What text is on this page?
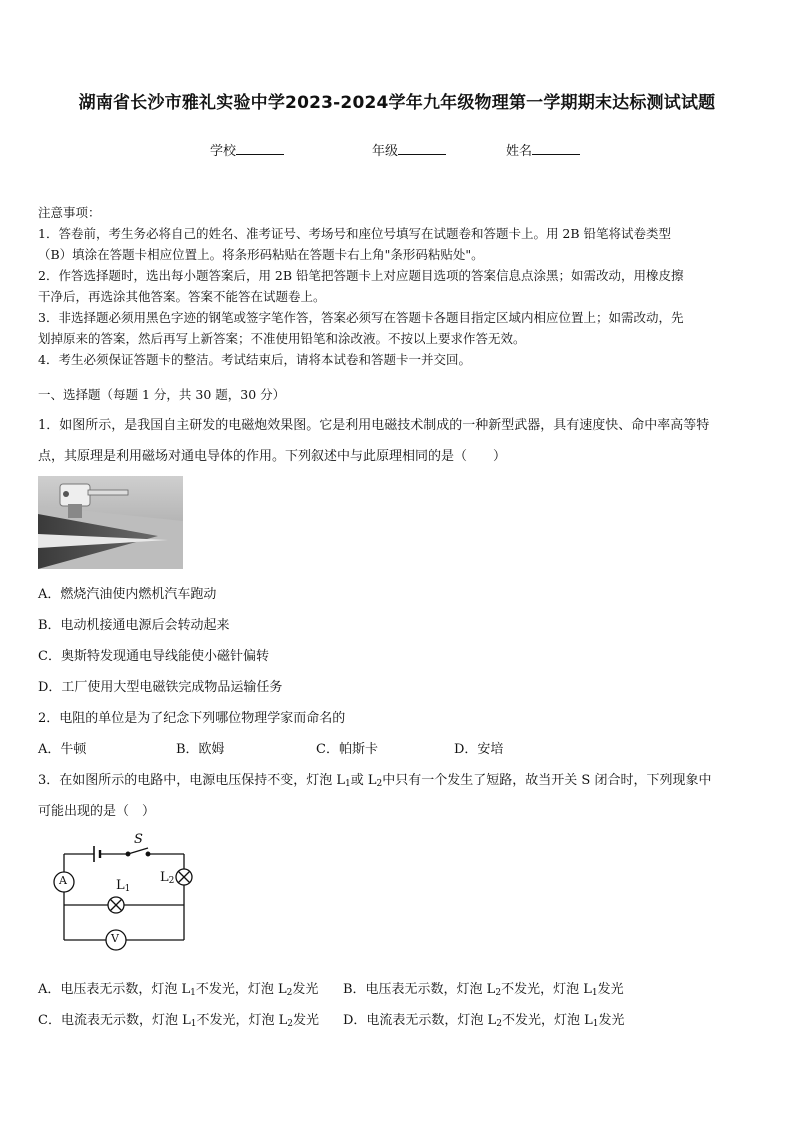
湖南省长沙市雅礼实验中学2023-2024学年九年级物理第一学期期末达标测试试题
学校	年级	姓名

注意事项：

1．答卷前，考生务必将自己的姓名、准考证号、考场号和座位号填写在试题卷和答题卡上。用 2B 铅笔将试卷类型

（B）填涂在答题卡相应位置上。将条形码粘贴在答题卡右上角"条形码粘贴处"。

2．作答选择题时，选出每小题答案后，用 2B 铅笔把答题卡上对应题目选项的答案信息点涂黑；如需改动，用橡皮擦

干净后，再选涂其他答案。答案不能答在试题卷上。

3．非选择题必须用黑色字迹的钢笔或签字笔作答，答案必须写在答题卡各题目指定区域内相应位置上；如需改动，先

划掉原来的答案，然后再写上新答案；不准使用铅笔和涂改液。不按以上要求作答无效。

4．考生必须保证答题卡的整洁。考试结束后，请将本试卷和答题卡一并交回。

一、选择题（每题 1 分，共 30 题，30 分）
1．如图所示，是我国自主研发的电磁炮效果图。它是利用电磁技术制成的一种新型武器，具有速度快、命中率高等特
点，其原理是利用磁场对通电导体的作用。下列叙述中与此原理相同的是（　　）
A．燃烧汽油使内燃机汽车跑动
B．电动机接通电源后会转动起来
C．奥斯特发现通电导线能使小磁针偏转
D．工厂使用大型电磁铁完成物品运输任务
2．电阻的单位是为了纪念下列哪位物理学家而命名的
A．牛顿	B．欧姆	C．帕斯卡	D．安培
3．在如图所示的电路中，电源电压保持不变，灯泡 $L_1$或 $L_2$中只有一个发生了短路，故当开关 S 闭合时，下列现象中
可能出现的是（　）
S
A
V
$L_1$
$L_2$
A．电压表无示数，灯泡 $L_1$不发光，灯泡 $L_2$发光 B．电压表无示数，灯泡 $L_2$不发光，灯泡 $L_1$发光
C．电流表无示数，灯泡 $L_1$不发光，灯泡 $L_2$发光 D．电流表无示数，灯泡 $L_2$不发光，灯泡 $L_1$发光
